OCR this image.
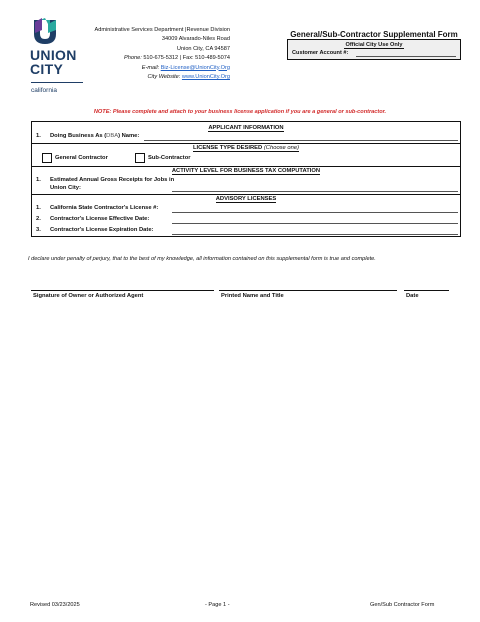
UNION
CITY
california
Administrative Services Department |Revenue Division
34009 Alvarado-Niles Road
Union City, CA 94587
Phone: 510-675-5312 | Fax: 510-489-5074
E-mail: Biz-License@UnionCity.Org
City Website: www.UnionCity.Org
General/Sub-Contractor Supplemental Form
Official City Use Only
Customer Account #:
NOTE: Please complete and attach to your business license application if you are a general or sub-contractor.
APPLICANT INFORMATION
1. Doing Business As (DBA) Name:
LICENSE TYPE DESIRED (Choose one)
General Contractor	Sub-Contractor
ACTIVITY LEVEL FOR BUSINESS TAX COMPUTATION
1. Estimated Annual Gross Receipts for Jobs in
Union City:
ADVISORY LICENSES
1. California State Contractor's License #:
2. Contractor's License Effective Date:
3. Contractor's License Expiration Date:
I declare under penalty of perjury, that to the best of my knowledge, all information contained on this supplemental form is true and complete.
Signature of Owner or Authorized Agent	Printed Name and Title	Date
Revised 03/23/2025	- Page 1 -	Gen/Sub Contractor Form
